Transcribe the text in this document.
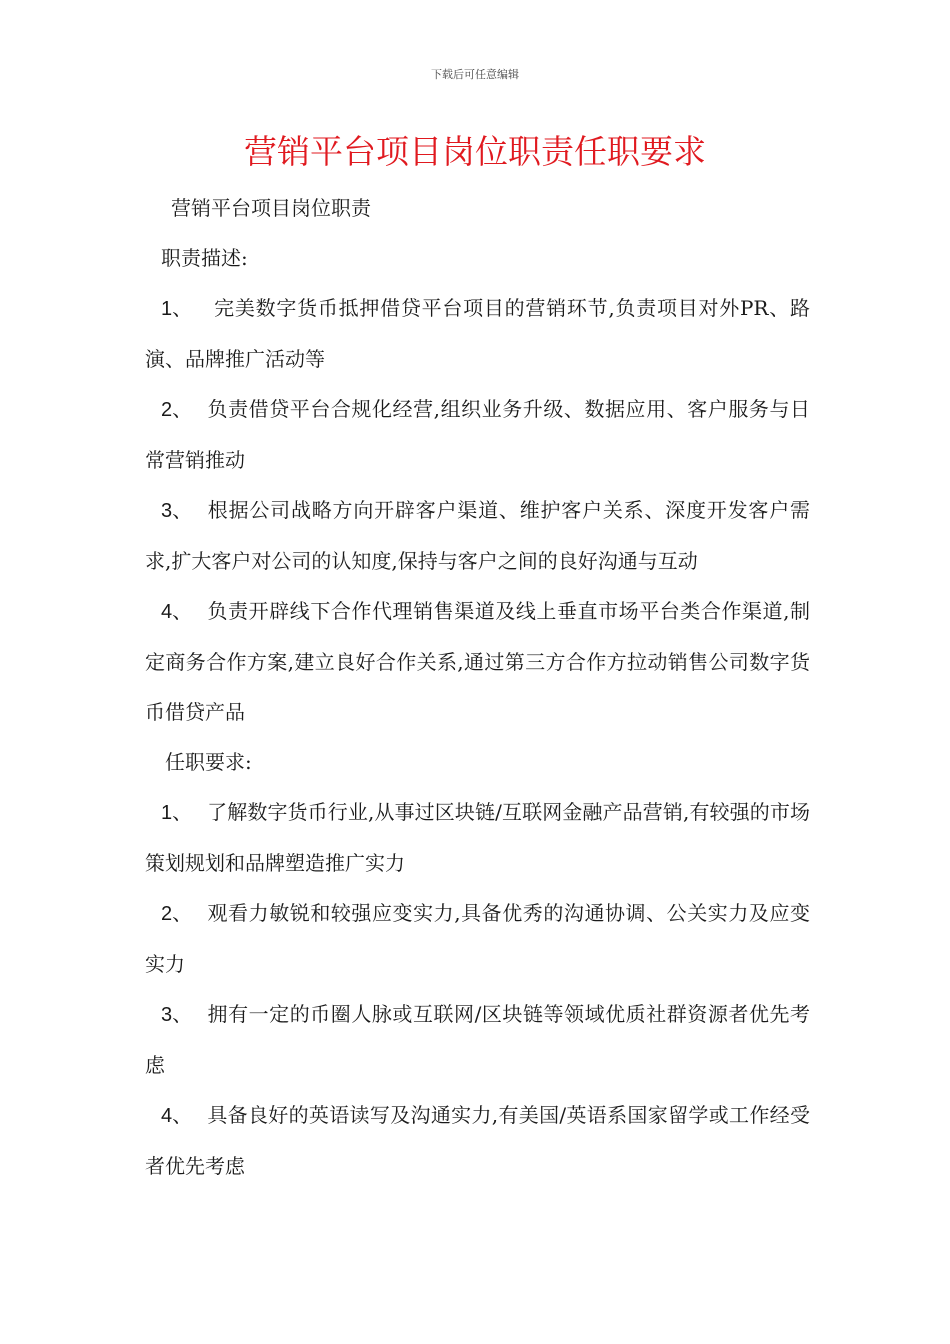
下载后可任意编辑
营销平台项目岗位职责任职要求

营销平台项目岗位职责

职责描述:

1、 完美数字货币抵押借贷平台项目的营销环节,负责项目对外PR、路演、品牌推广活动等

2、 负责借贷平台合规化经营,组织业务升级、数据应用、客户服务与日常营销推动

3、 根据公司战略方向开辟客户渠道、维护客户关系、深度开发客户需求,扩大客户对公司的认知度,保持与客户之间的良好沟通与互动

4、 负责开辟线下合作代理销售渠道及线上垂直市场平台类合作渠道,制定商务合作方案,建立良好合作关系,通过第三方合作方拉动销售公司数字货币借贷产品

任职要求:

1、 了解数字货币行业,从事过区块链/互联网金融产品营销,有较强的市场策划规划和品牌塑造推广实力

2、 观看力敏锐和较强应变实力,具备优秀的沟通协调、公关实力及应变实力

3、 拥有一定的币圈人脉或互联网/区块链等领域优质社群资源者优先考虑

4、 具备良好的英语读写及沟通实力,有美国/英语系国家留学或工作经受者优先考虑
